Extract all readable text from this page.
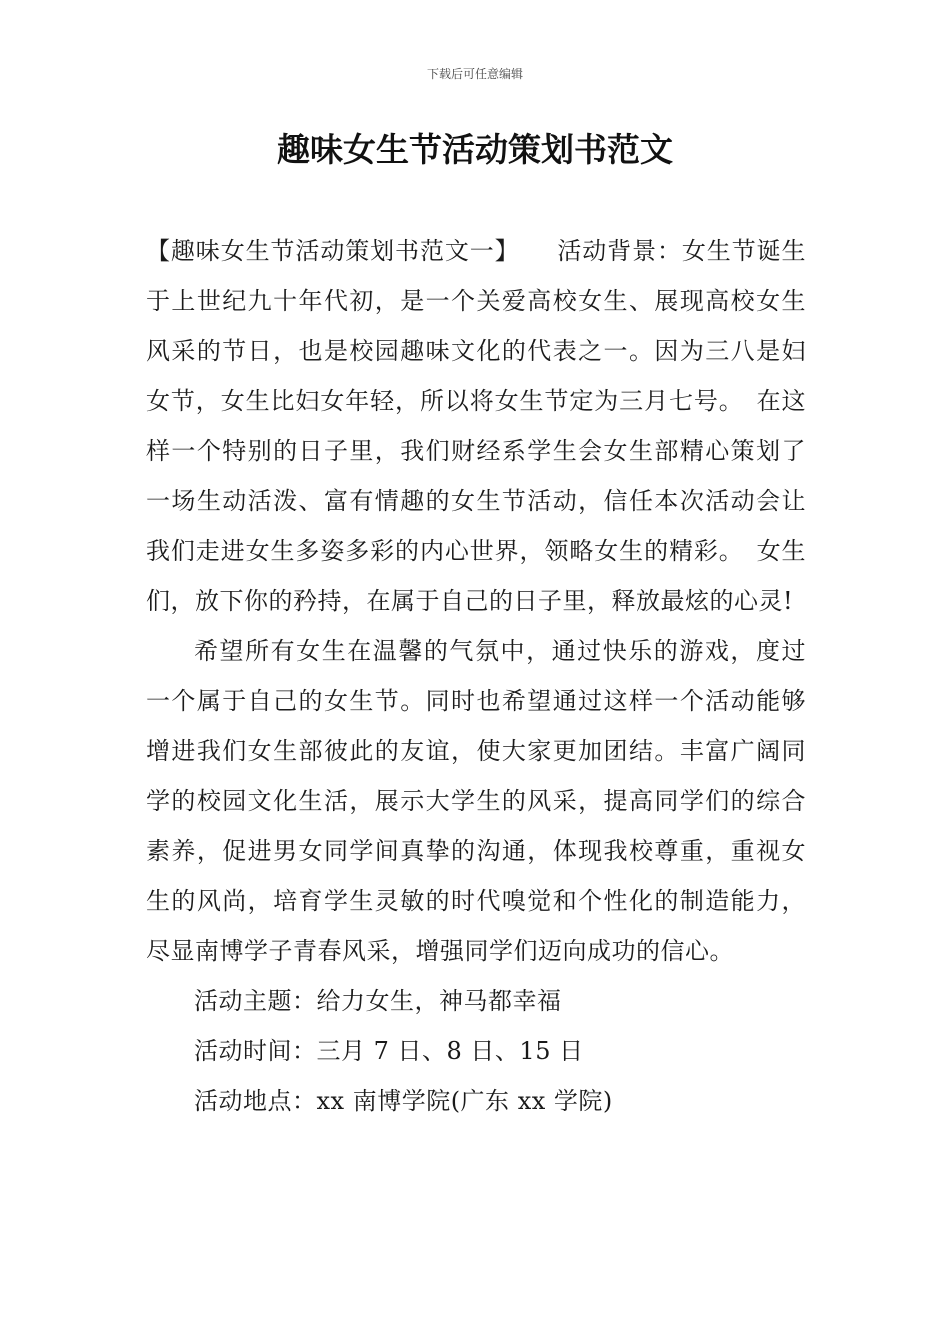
下载后可任意编辑
趣味女生节活动策划书范文

【趣味女生节活动策划书范文一】　　活动背景：女生节诞生于上世纪九十年代初，是一个关爱高校女生、展现高校女生风采的节日，也是校园趣味文化的代表之一。因为三八是妇女节，女生比妇女年轻，所以将女生节定为三月七号。　在这样一个特别的日子里，我们财经系学生会女生部精心策划了一场生动活泼、富有情趣的女生节活动，信任本次活动会让我们走进女生多姿多彩的内心世界，领略女生的精彩。　女生们，放下你的矜持，在属于自己的日子里，释放最炫的心灵!

希望所有女生在温馨的气氛中，通过快乐的游戏，度过一个属于自己的女生节。同时也希望通过这样一个活动能够增进我们女生部彼此的友谊，使大家更加团结。丰富广阔同学的校园文化生活，展示大学生的风采，提高同学们的综合素养，促进男女同学间真挚的沟通，体现我校尊重，重视女生的风尚，培育学生灵敏的时代嗅觉和个性化的制造能力，尽显南博学子青春风采，增强同学们迈向成功的信心。

活动主题：给力女生，神马都幸福

活动时间：三月 7 日、8 日、15 日

活动地点：xx 南博学院(广东 xx 学院)
